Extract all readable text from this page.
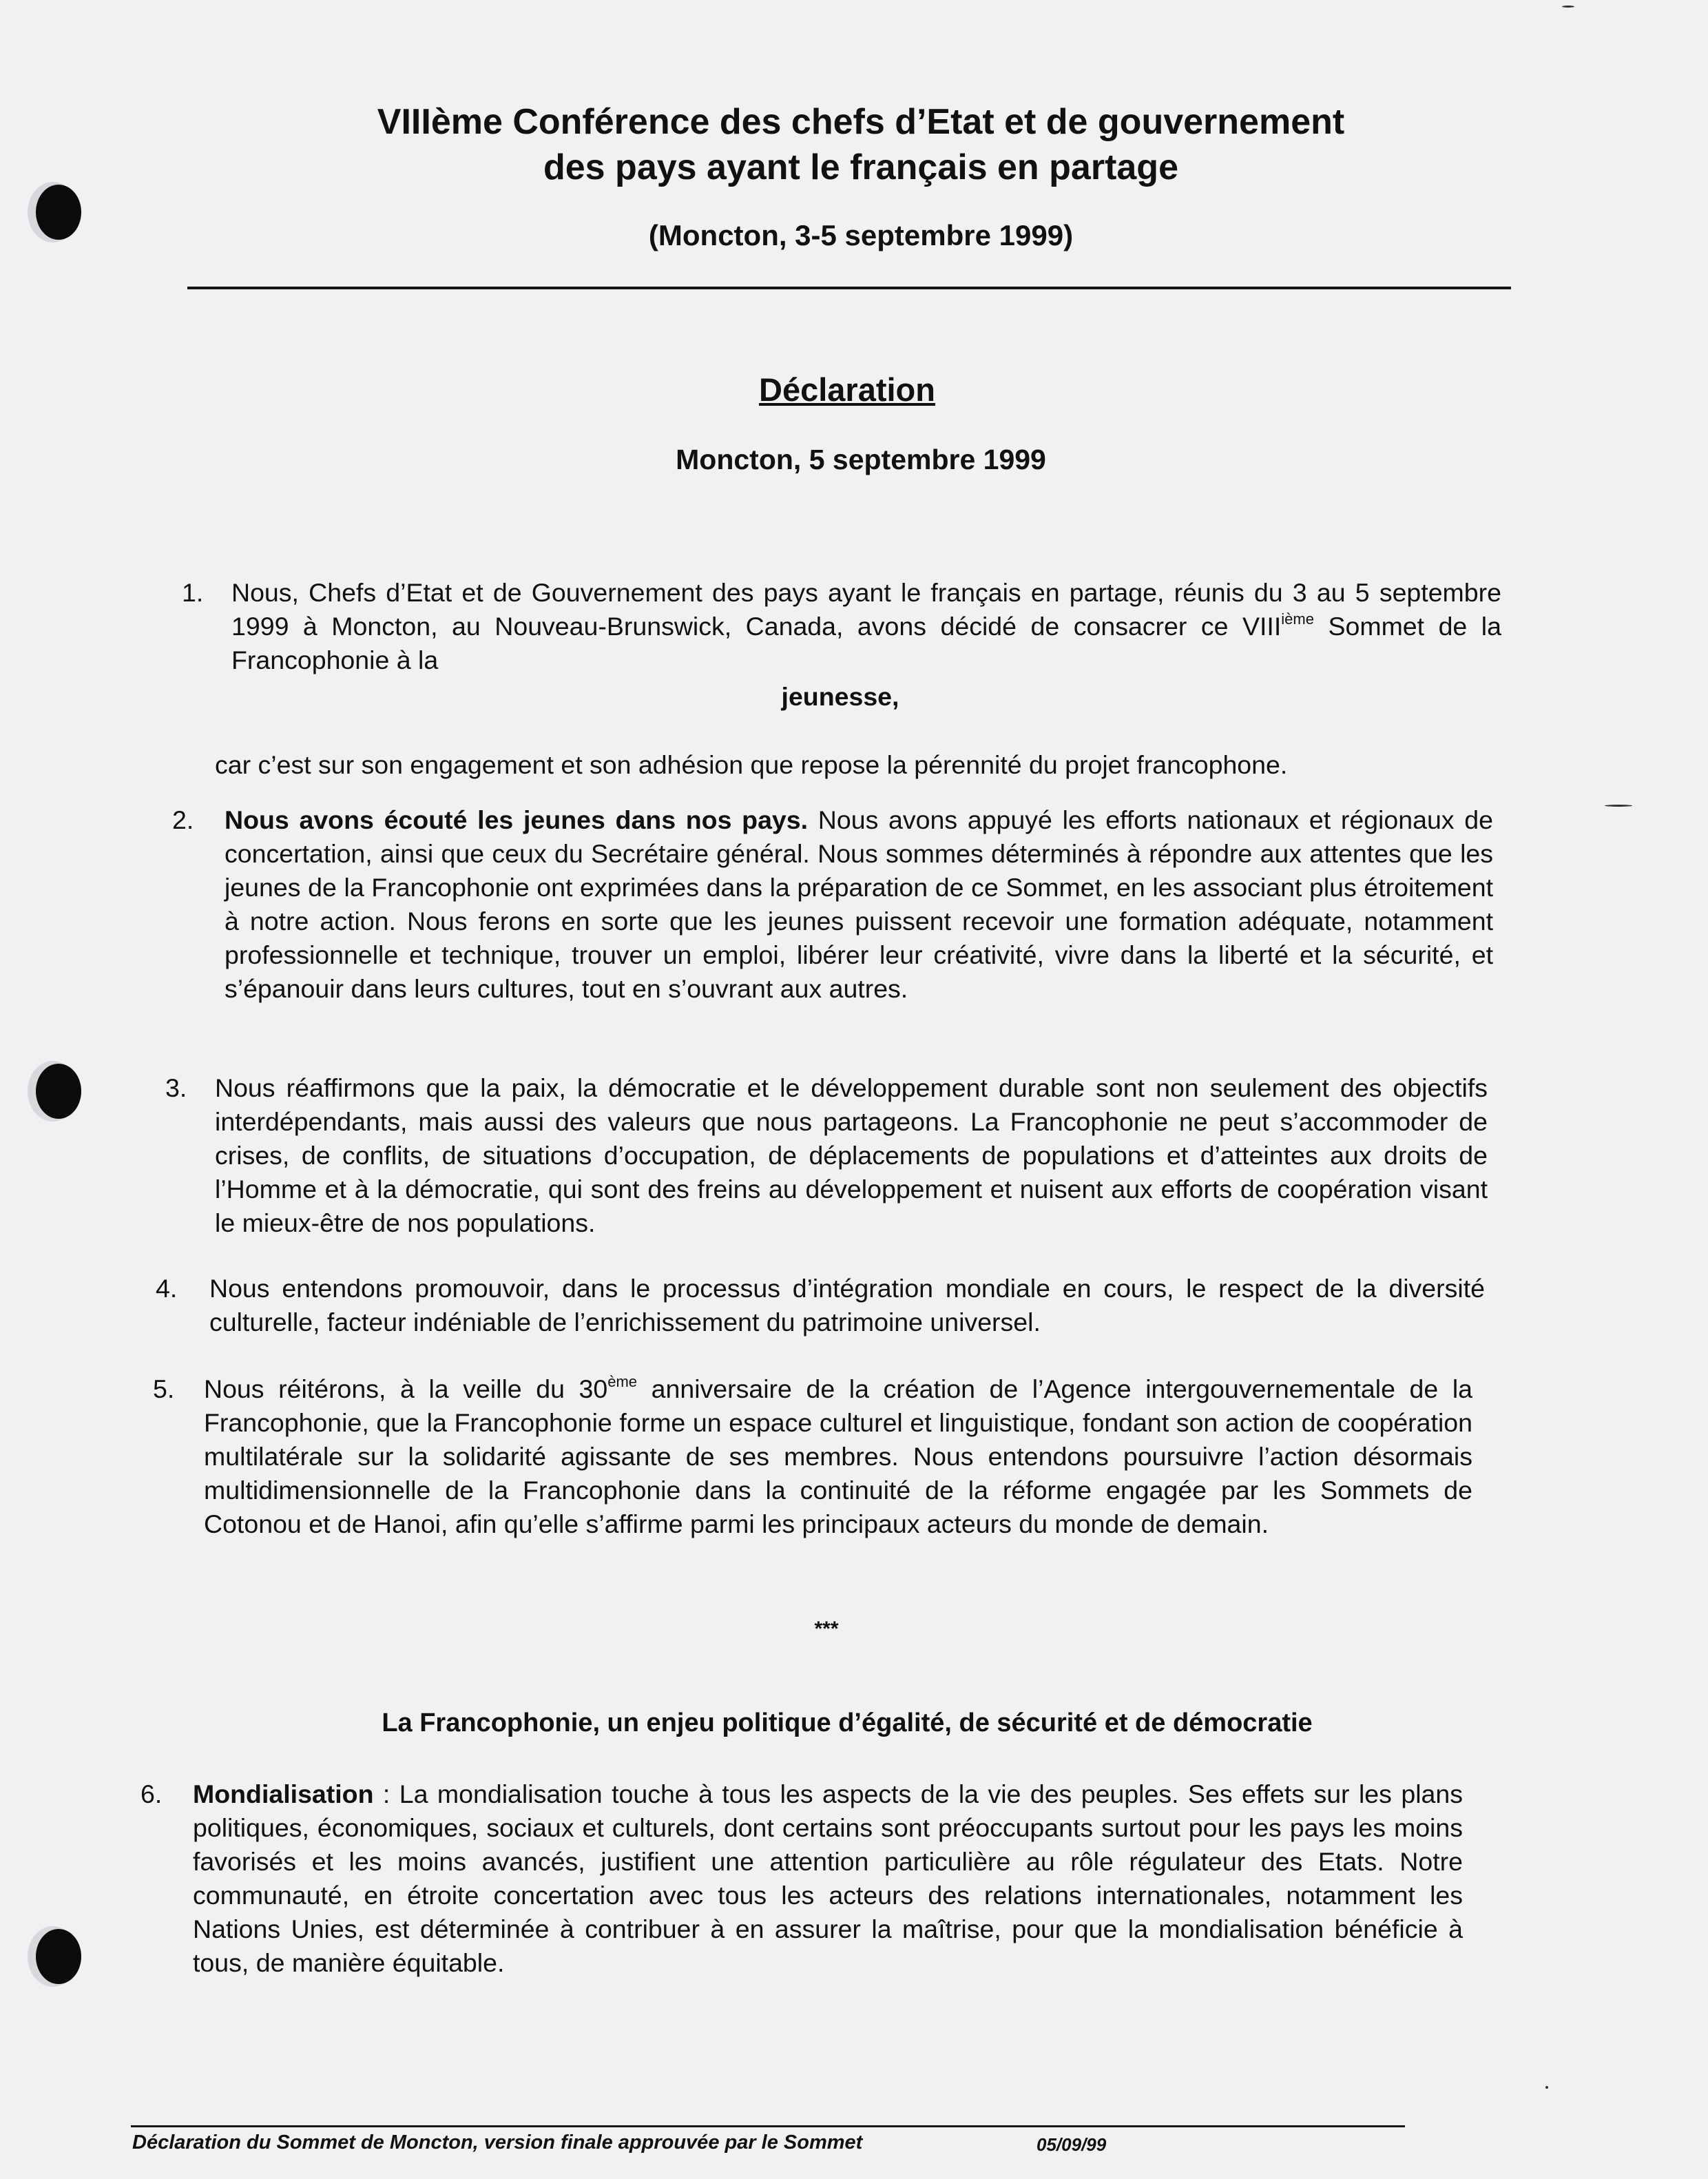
VIIIème Conférence des chefs d’Etat et de gouvernement
des pays ayant le français en partage
(Moncton, 3-5 septembre 1999)
Déclaration
Moncton, 5 septembre 1999
1. Nous, Chefs d’Etat et de Gouvernement des pays ayant le français en partage, réunis du 3 au 5 septembre 1999 à Moncton, au Nouveau-Brunswick, Canada, avons décidé de consacrer ce VIIIième Sommet de la Francophonie à la
jeunesse,
car c’est sur son engagement et son adhésion que repose la pérennité du projet francophone.
2. Nous avons écouté les jeunes dans nos pays. Nous avons appuyé les efforts nationaux et régionaux de concertation, ainsi que ceux du Secrétaire général. Nous sommes déterminés à répondre aux attentes que les jeunes de la Francophonie ont exprimées dans la préparation de ce Sommet, en les associant plus étroitement à notre action. Nous ferons en sorte que les jeunes puissent recevoir une formation adéquate, notamment professionnelle et technique, trouver un emploi, libérer leur créativité, vivre dans la liberté et la sécurité, et s’épanouir dans leurs cultures, tout en s’ouvrant aux autres.
3. Nous réaffirmons que la paix, la démocratie et le développement durable sont non seulement des objectifs interdépendants, mais aussi des valeurs que nous partageons. La Francophonie ne peut s’accommoder de crises, de conflits, de situations d’occupation, de déplacements de populations et d’atteintes aux droits de l’Homme et à la démocratie, qui sont des freins au développement et nuisent aux efforts de coopération visant le mieux-être de nos populations.
4. Nous entendons promouvoir, dans le processus d’intégration mondiale en cours, le respect de la diversité culturelle, facteur indéniable de l’enrichissement du patrimoine universel.
5. Nous réitérons, à la veille du 30ème anniversaire de la création de l’Agence intergouvernementale de la Francophonie, que la Francophonie forme un espace culturel et linguistique, fondant son action de coopération multilatérale sur la solidarité agissante de ses membres. Nous entendons poursuivre l’action désormais multidimensionnelle de la Francophonie dans la continuité de la réforme engagée par les Sommets de Cotonou et de Hanoi, afin qu’elle s’affirme parmi les principaux acteurs du monde de demain.
***
La Francophonie, un enjeu politique d’égalité, de sécurité et de démocratie
6. Mondialisation : La mondialisation touche à tous les aspects de la vie des peuples. Ses effets sur les plans politiques, économiques, sociaux et culturels, dont certains sont préoccupants surtout pour les pays les moins favorisés et les moins avancés, justifient une attention particulière au rôle régulateur des Etats. Notre communauté, en étroite concertation avec tous les acteurs des relations internationales, notamment les Nations Unies, est déterminée à contribuer à en assurer la maîtrise, pour que la mondialisation bénéficie à tous, de manière équitable.
Déclaration du Sommet de Moncton, version finale approuvée par le Sommet	05/09/99
